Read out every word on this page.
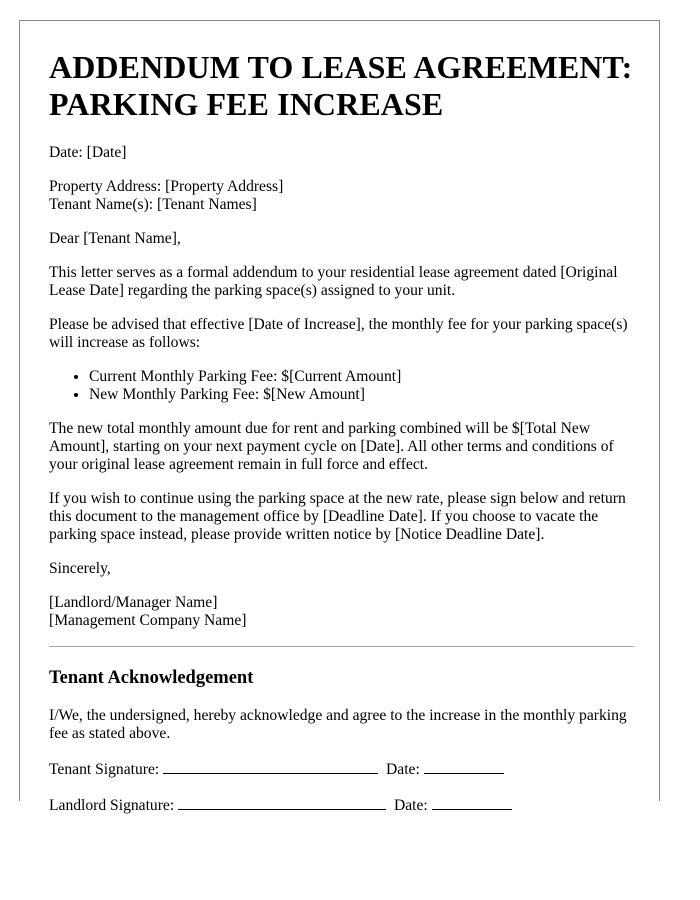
ADDENDUM TO LEASE AGREEMENT:
PARKING FEE INCREASE

Date: [Date]

Property Address: [Property Address]
Tenant Name(s): [Tenant Names]

Dear [Tenant Name],

This letter serves as a formal addendum to your residential lease agreement dated [Original Lease Date] regarding the parking space(s) assigned to your unit.

Please be advised that effective [Date of Increase], the monthly fee for your parking space(s) will increase as follows:

• Current Monthly Parking Fee: $[Current Amount]
• New Monthly Parking Fee: $[New Amount]

The new total monthly amount due for rent and parking combined will be $[Total New Amount], starting on your next payment cycle on [Date]. All other terms and conditions of your original lease agreement remain in full force and effect.

If you wish to continue using the parking space at the new rate, please sign below and return this document to the management office by [Deadline Date]. If you choose to vacate the parking space instead, please provide written notice by [Notice Deadline Date].

Sincerely,

[Landlord/Manager Name]
[Management Company Name]

Tenant Acknowledgement

I/We, the undersigned, hereby acknowledge and agree to the increase in the monthly parking fee as stated above.

Tenant Signature:	Date:
Landlord Signature:	Date:
